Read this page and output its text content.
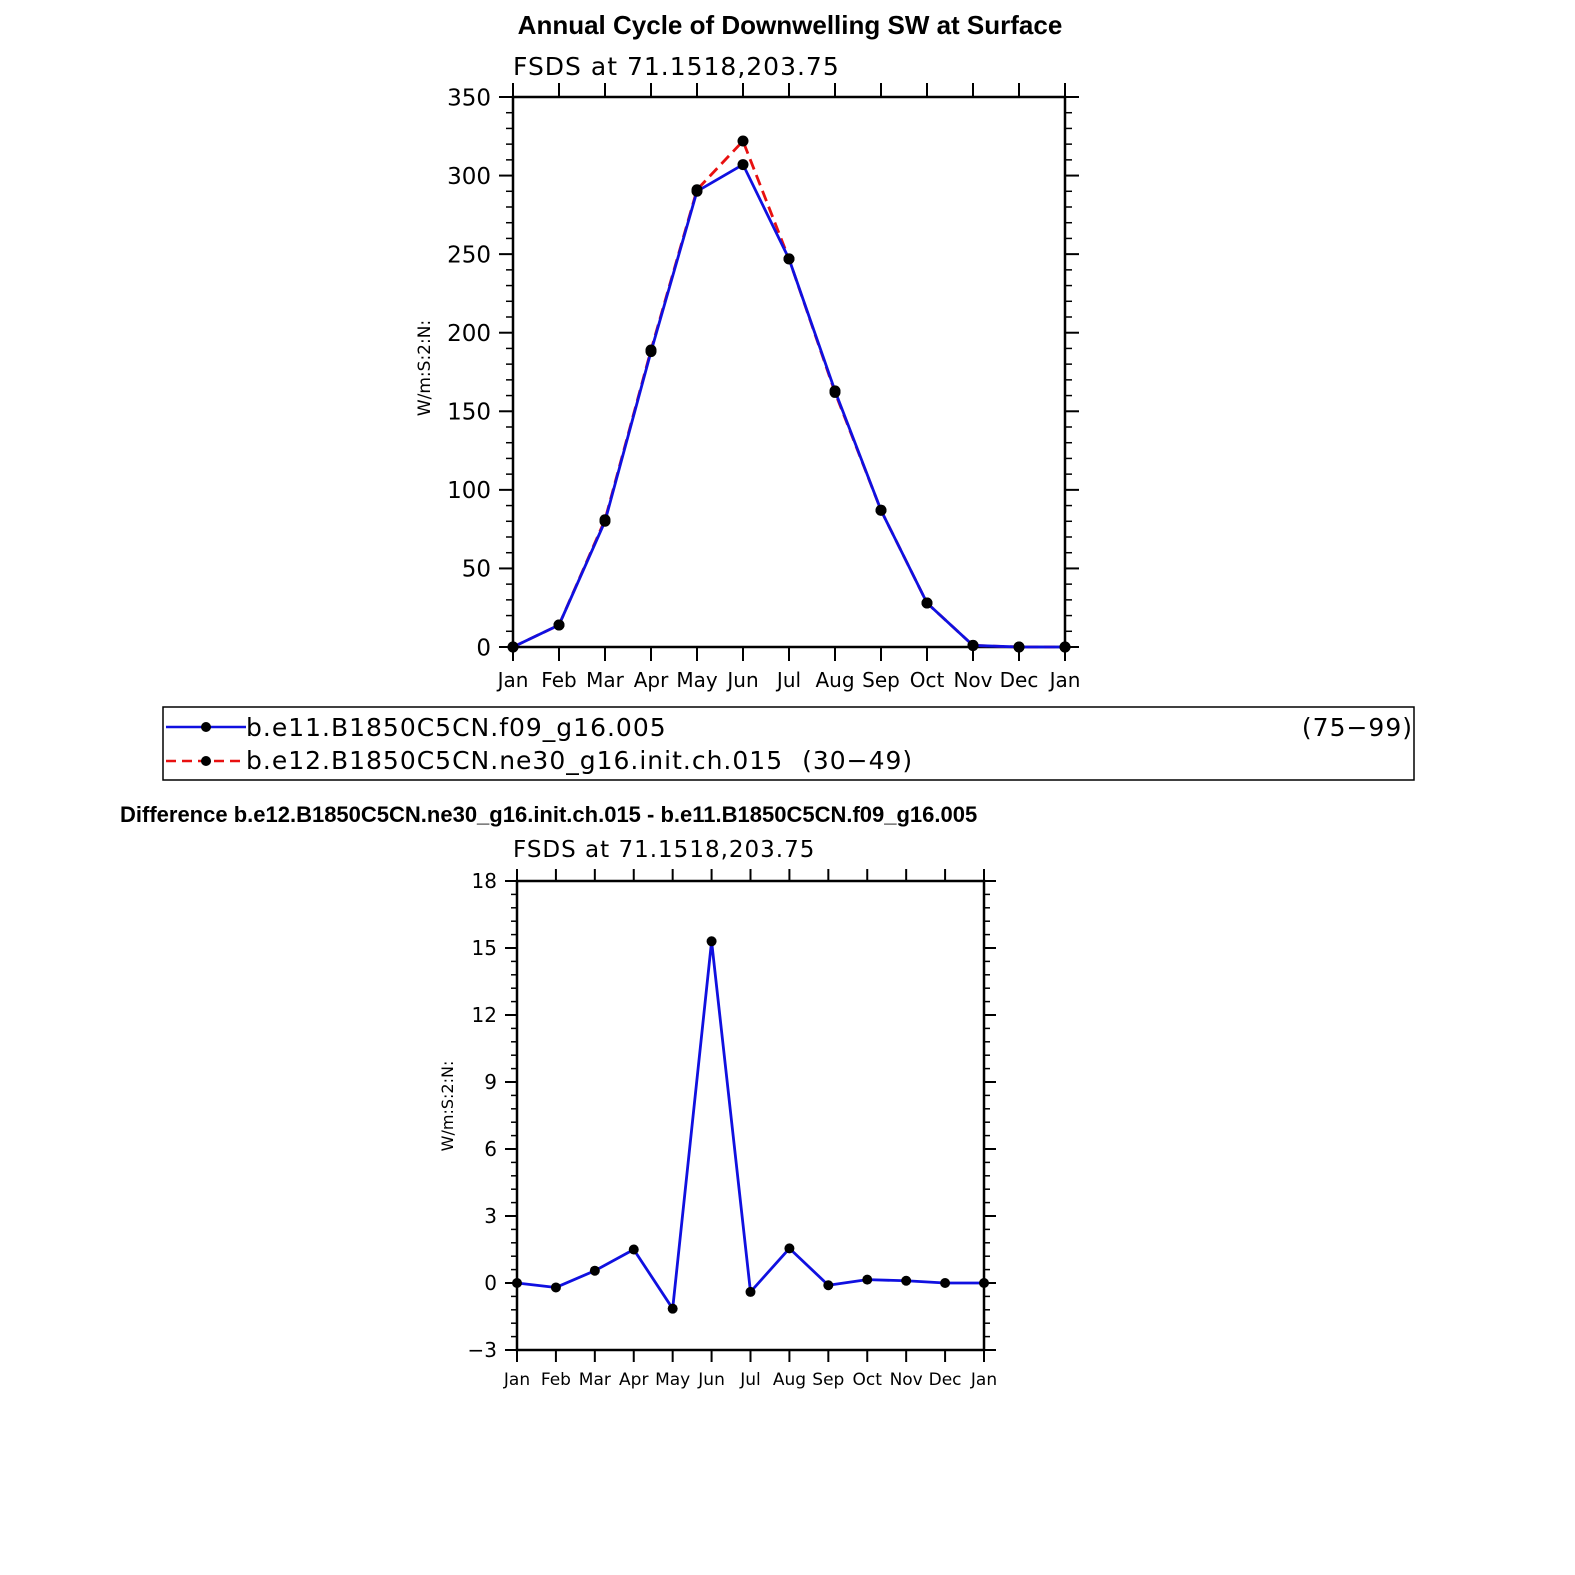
Annual Cycle of Downwelling SW at Surface
FSDS at 71.1518,203.75
W/m:S:2:N:
0
50
100
150
200
250
300
350
Jan Feb Mar Apr May Jun Jul Aug Sep Oct Nov Dec Jan
b.e11.B1850C5CN.f09_g16.005	(75−99)
b.e12.B1850C5CN.ne30_g16.init.ch.015 (30−49)
Difference b.e12.B1850C5CN.ne30_g16.init.ch.015 - b.e11.B1850C5CN.f09_g16.005
FSDS at 71.1518,203.75
W/m:S:2:N:
−3
0
3
6
9
12
15
18
Jan Feb Mar Apr May Jun Jul Aug Sep Oct Nov Dec Jan
